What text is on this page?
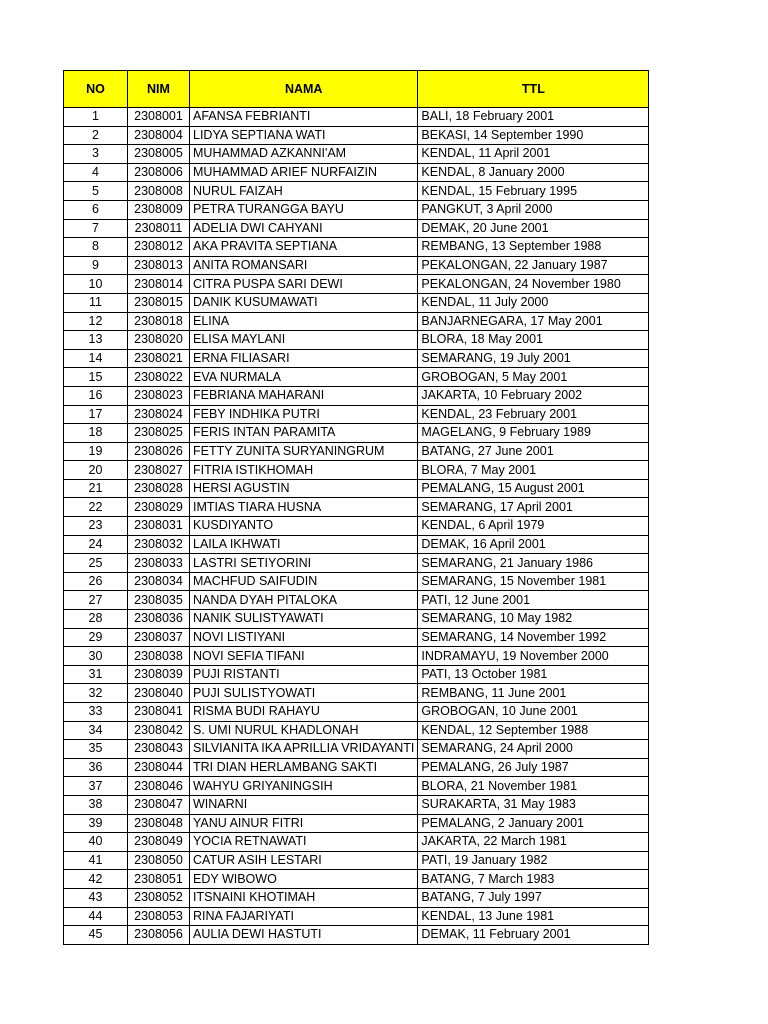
NO	NIM	NAMA	TTL
1	2308001	AFANSA FEBRIANTI	BALI, 18 February 2001
2	2308004	LIDYA SEPTIANA WATI	BEKASI, 14 September 1990
3	2308005	MUHAMMAD AZKANNI'AM	KENDAL, 11 April 2001
4	2308006	MUHAMMAD ARIEF NURFAIZIN	KENDAL, 8 January 2000
5	2308008	NURUL FAIZAH	KENDAL, 15 February 1995
6	2308009	PETRA TURANGGA BAYU	PANGKUT, 3 April 2000
7	2308011	ADELIA DWI CAHYANI	DEMAK, 20 June 2001
8	2308012	AKA PRAVITA SEPTIANA	REMBANG, 13 September 1988
9	2308013	ANITA ROMANSARI	PEKALONGAN, 22 January 1987
10	2308014	CITRA PUSPA SARI DEWI	PEKALONGAN, 24 November 1980
11	2308015	DANIK KUSUMAWATI	KENDAL, 11 July 2000
12	2308018	ELINA	BANJARNEGARA, 17 May 2001
13	2308020	ELISA MAYLANI	BLORA, 18 May 2001
14	2308021	ERNA FILIASARI	SEMARANG, 19 July 2001
15	2308022	EVA NURMALA	GROBOGAN, 5 May 2001
16	2308023	FEBRIANA MAHARANI	JAKARTA, 10 February 2002
17	2308024	FEBY INDHIKA PUTRI	KENDAL, 23 February 2001
18	2308025	FERIS INTAN PARAMITA	MAGELANG, 9 February 1989
19	2308026	FETTY ZUNITA SURYANINGRUM	BATANG, 27 June 2001
20	2308027	FITRIA ISTIKHOMAH	BLORA, 7 May 2001
21	2308028	HERSI AGUSTIN	PEMALANG, 15 August 2001
22	2308029	IMTIAS TIARA HUSNA	SEMARANG, 17 April 2001
23	2308031	KUSDIYANTO	KENDAL, 6 April 1979
24	2308032	LAILA IKHWATI	DEMAK, 16 April 2001
25	2308033	LASTRI SETIYORINI	SEMARANG, 21 January 1986
26	2308034	MACHFUD SAIFUDIN	SEMARANG, 15 November 1981
27	2308035	NANDA DYAH PITALOKA	PATI, 12 June 2001
28	2308036	NANIK SULISTYAWATI	SEMARANG, 10 May 1982
29	2308037	NOVI LISTIYANI	SEMARANG, 14 November 1992
30	2308038	NOVI SEFIA TIFANI	INDRAMAYU, 19 November 2000
31	2308039	PUJI RISTANTI	PATI, 13 October 1981
32	2308040	PUJI SULISTYOWATI	REMBANG, 11 June 2001
33	2308041	RISMA BUDI RAHAYU	GROBOGAN, 10 June 2001
34	2308042	S. UMI NURUL KHADLONAH	KENDAL, 12 September 1988
35	2308043	SILVIANITA IKA APRILLIA VRIDAYANTI	SEMARANG, 24 April 2000
36	2308044	TRI DIAN HERLAMBANG SAKTI	PEMALANG, 26 July 1987
37	2308046	WAHYU GRIYANINGSIH	BLORA, 21 November 1981
38	2308047	WINARNI	SURAKARTA, 31 May 1983
39	2308048	YANU AINUR FITRI	PEMALANG, 2 January 2001
40	2308049	YOCIA RETNAWATI	JAKARTA, 22 March 1981
41	2308050	CATUR ASIH LESTARI	PATI, 19 January 1982
42	2308051	EDY WIBOWO	BATANG, 7 March 1983
43	2308052	ITSNAINI KHOTIMAH	BATANG, 7 July 1997
44	2308053	RINA FAJARIYATI	KENDAL, 13 June 1981
45	2308056	AULIA DEWI HASTUTI	DEMAK, 11 February 2001
